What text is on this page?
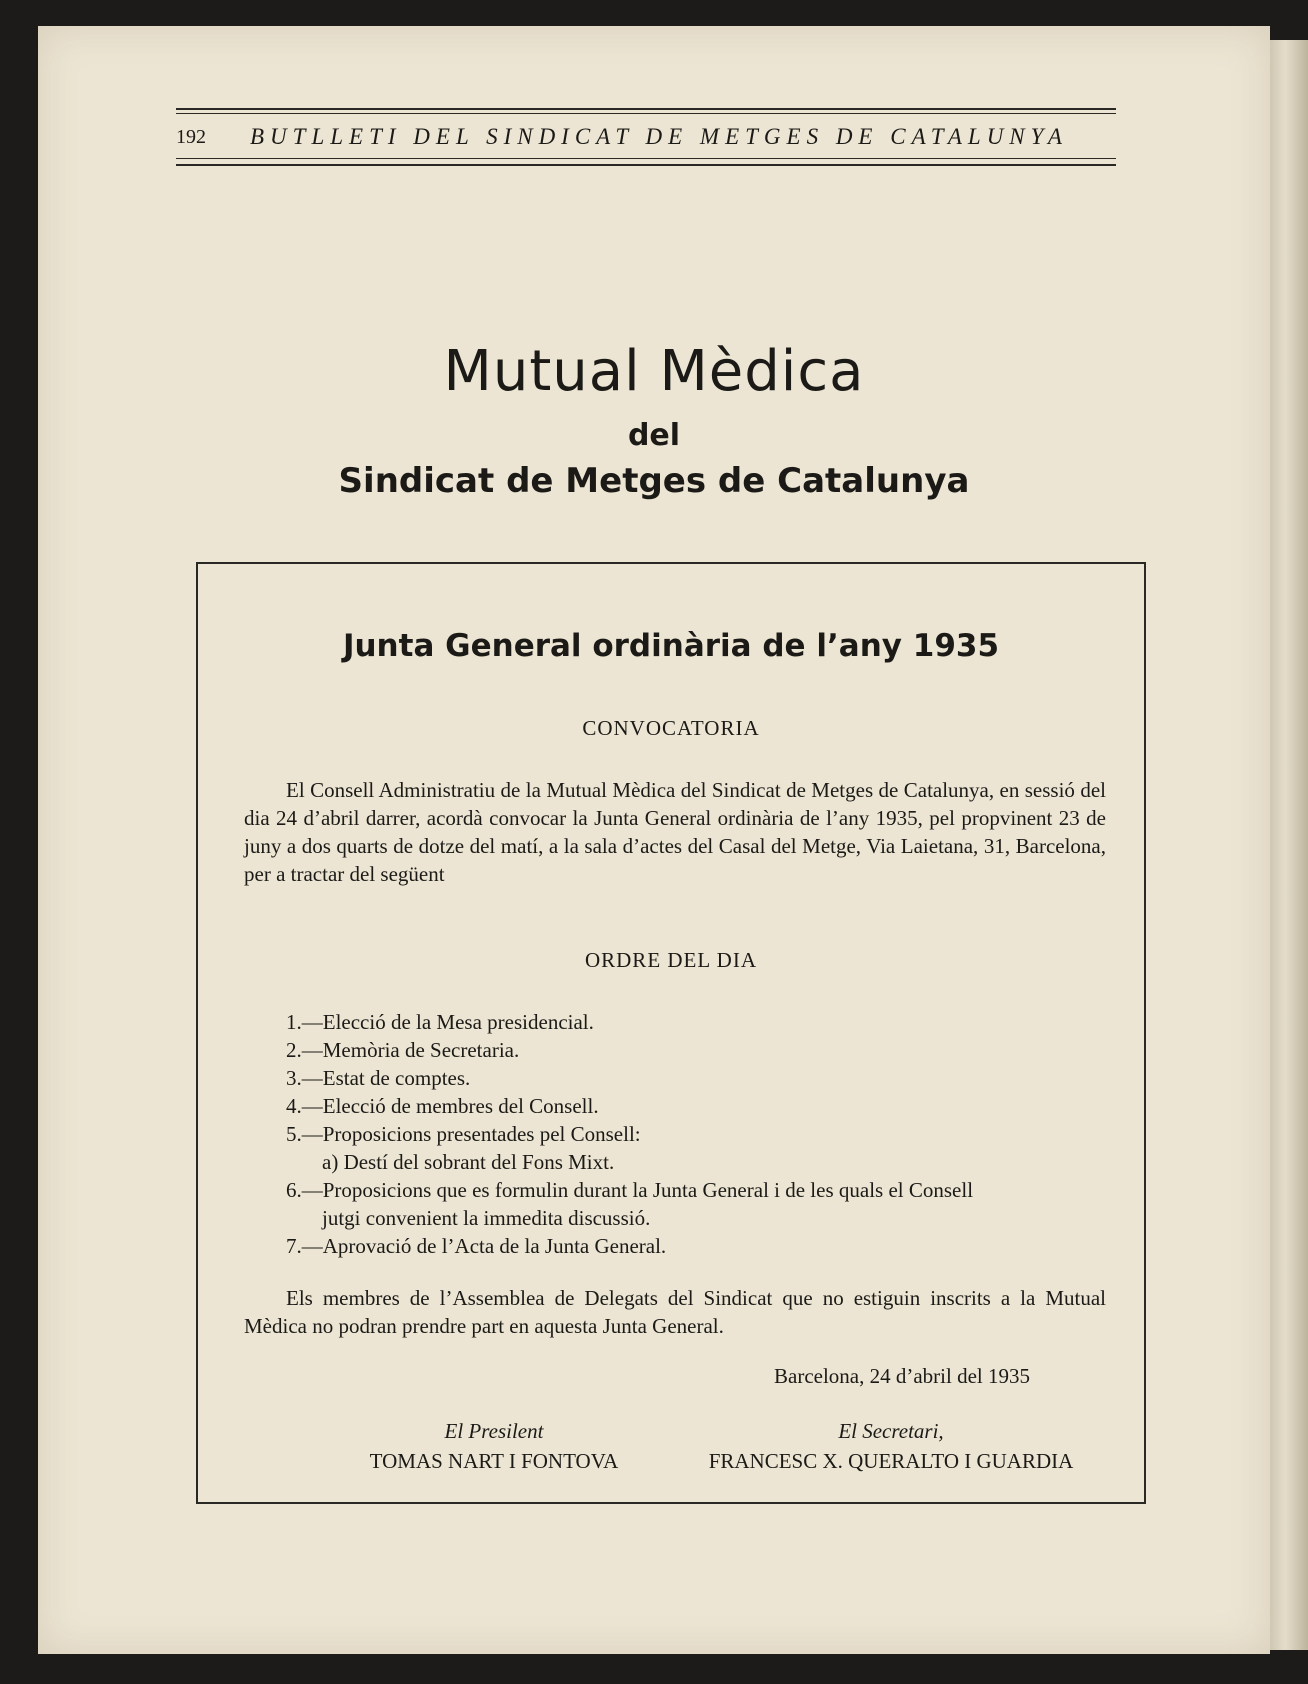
192 BUTLLETI DEL SINDICAT DE METGES DE CATALUNYA
Mutual Mèdica
del
Sindicat de Metges de Catalunya
Junta General ordinària de l’any 1935
CONVOCATORIA
El Consell Administratiu de la Mutual Mèdica del Sindicat de Metges de Catalunya, en sessió del dia 24 d’abril darrer, acordà convocar la Junta General ordinària de l’any 1935, pel propvinent 23 de juny a dos quarts de dotze del matí, a la sala d’actes del Casal del Metge, Via Laietana, 31, Barcelona, per a tractar del següent
ORDRE DEL DIA
1.—Elecció de la Mesa presidencial.
2.—Memòria de Secretaria.
3.—Estat de comptes.
4.—Elecció de membres del Consell.
5.—Proposicions presentades pel Consell:
a) Destí del sobrant del Fons Mixt.
6.—Proposicions que es formulin durant la Junta General i de les quals el Consell
jutgi convenient la immedita discussió.
7.—Aprovació de l’Acta de la Junta General.
Els membres de l’Assemblea de Delegats del Sindicat que no estiguin inscrits a la Mutual Mèdica no podran prendre part en aquesta Junta General.
Barcelona, 24 d’abril del 1935
El Presilent
TOMAS NART I FONTOVA
El Secretari,
FRANCESC X. QUERALTO I GUARDIA
